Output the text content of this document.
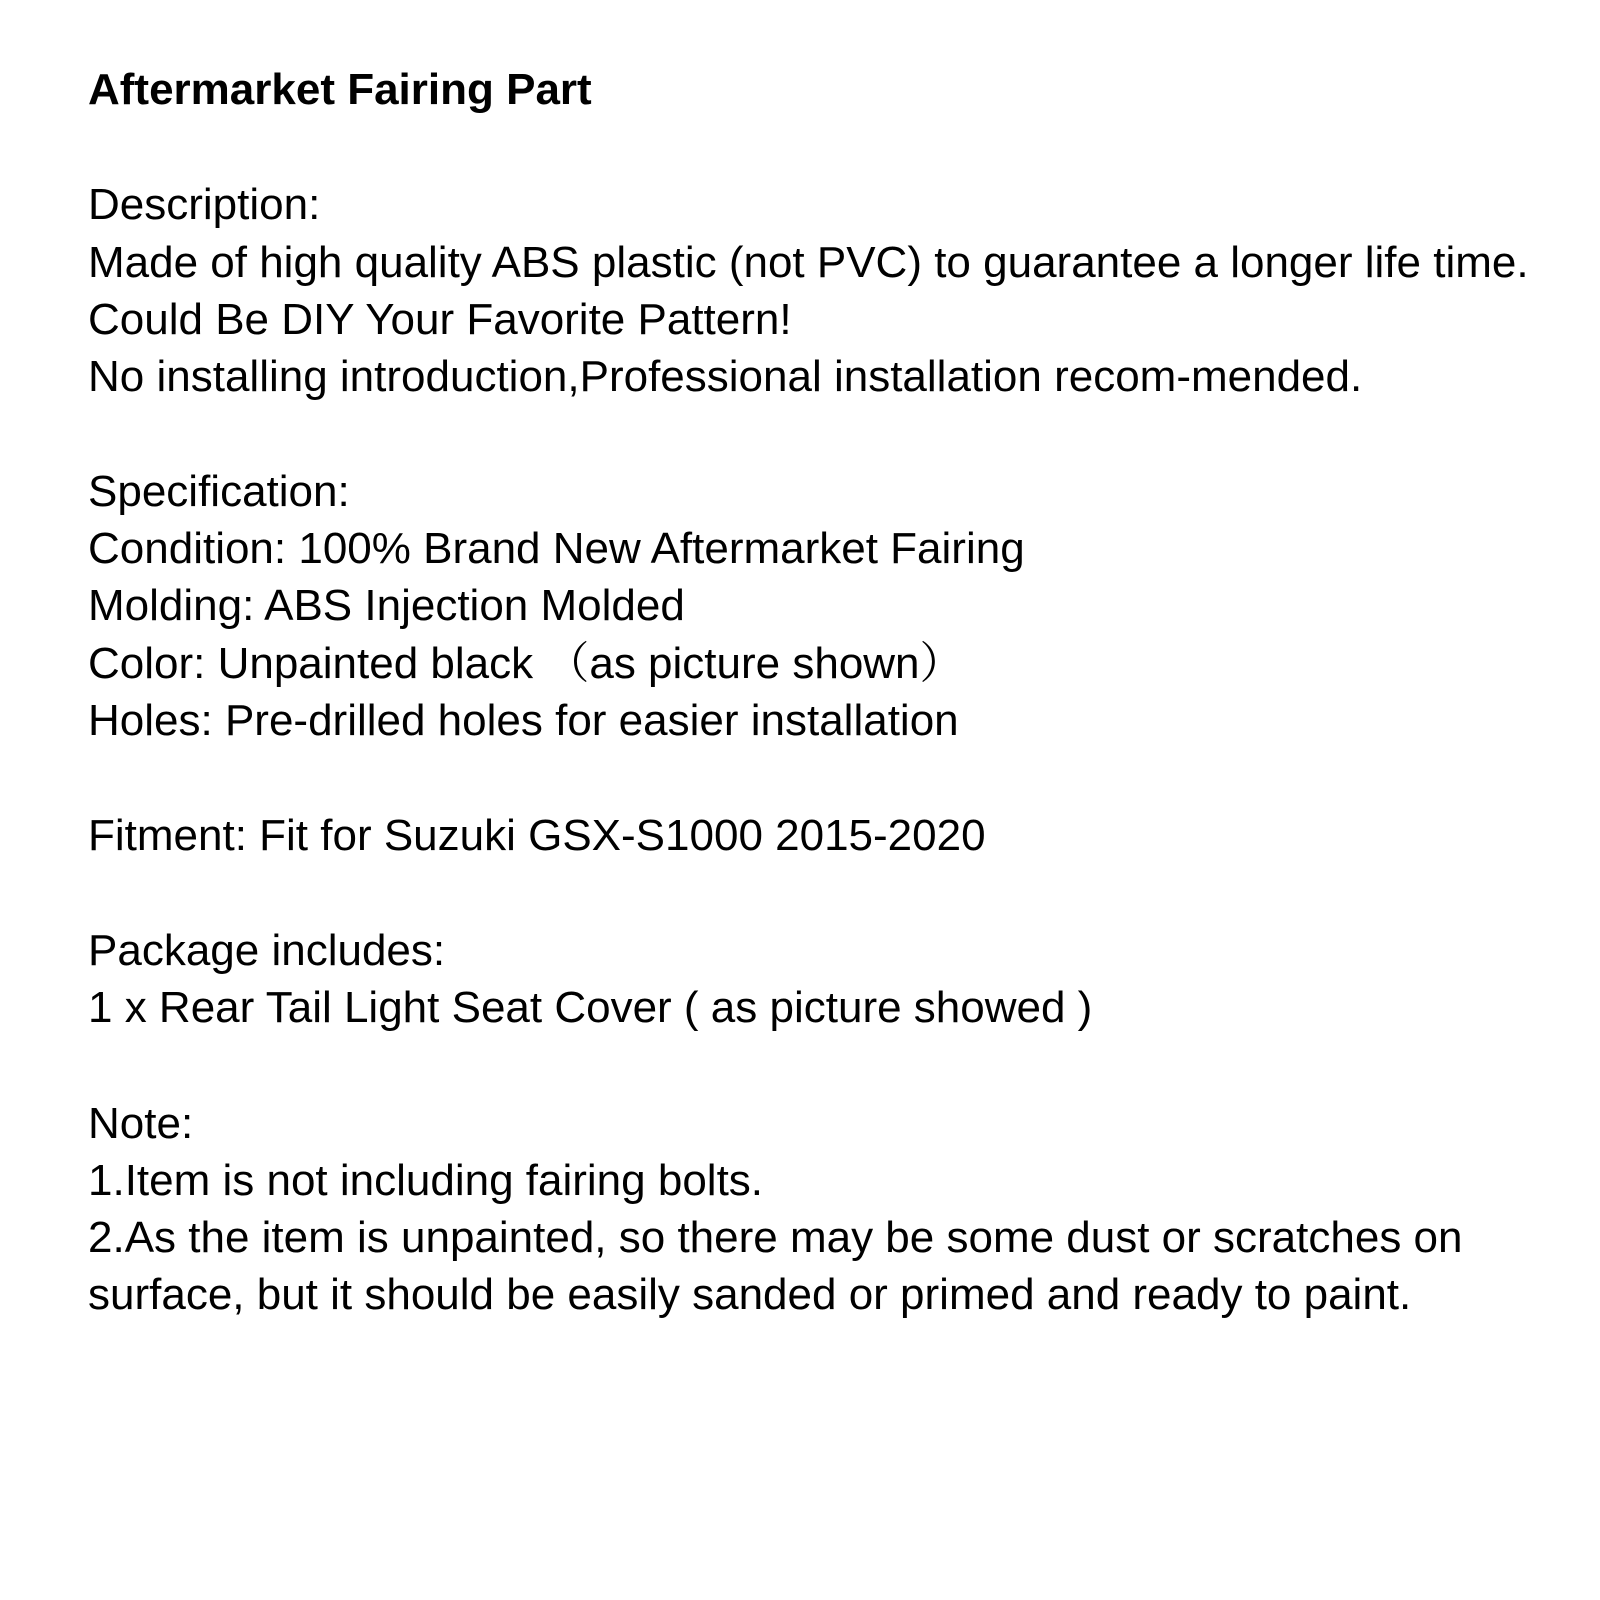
Aftermarket Fairing Part

Description:

Made of high quality ABS plastic (not PVC) to guarantee a longer life time.

Could Be DIY Your Favorite Pattern!

No installing introduction,Professional installation recom-mended.

Specification:

Condition: 100% Brand New Aftermarket Fairing

Molding: ABS Injection Molded

Color: Unpainted black （as picture shown）

Holes: Pre-drilled holes for easier installation

Fitment: Fit for Suzuki GSX-S1000 2015-2020

Package includes:

1 x Rear Tail Light Seat Cover ( as picture showed )

Note:

1.Item is not including fairing bolts.

2.As the item is unpainted, so there may be some dust or scratches on surface, but it should be easily sanded or primed and ready to paint.
